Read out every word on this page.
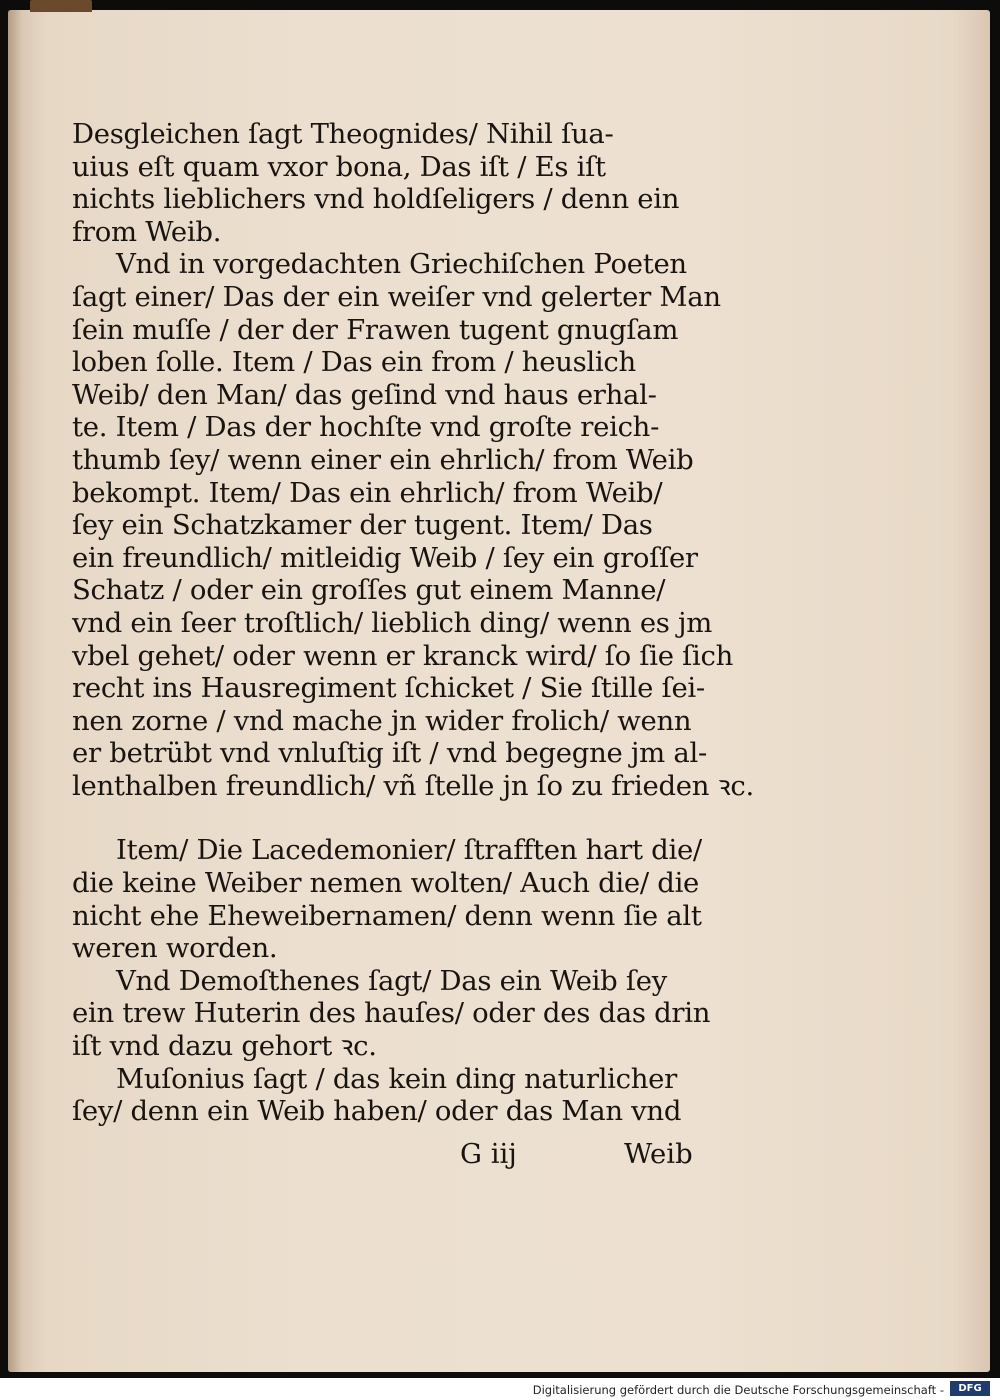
Desgleichen ſagt Theognides/ Nihil ſua-
uius eſt quam vxor bona, Das iſt / Es iſt
nichts lieblichers vnd holdſeligers / denn ein
from Weib.
Vnd in vorgedachten Griechiſchen Poeten
ſagt einer/ Das der ein weiſer vnd gelerter Man
ſein muſſe / der der Frawen tugent gnugſam
loben ſolle. Item / Das ein from / heuslich
Weib/ den Man/ das geſind vnd haus erhal-
te. Item / Das der hochſte vnd groſte reich-
thumb ſey/ wenn einer ein ehrlich/ from Weib
bekompt. Item/ Das ein ehrlich/ from Weib/
ſey ein Schatzkamer der tugent. Item/ Das
ein freundlich/ mitleidig Weib / ſey ein groſſer
Schatz / oder ein groſſes gut einem Manne/
vnd ein ſeer troſtlich/ lieblich ding/ wenn es jm
vbel gehet/ oder wenn er kranck wird/ ſo ſie ſich
recht ins Hausregiment ſchicket / Sie ſtille ſei-
nen zorne / vnd mache jn wider frolich/ wenn
er betrübt vnd vnluſtig iſt / vnd begegne jm al-
lenthalben freundlich/ vñ ſtelle jn ſo zu frieden ꝛc.
Item/ Die Lacedemonier/ ſtrafften hart die/
die keine Weiber nemen wolten/ Auch die/ die
nicht ehe Eheweibernamen/ denn wenn ſie alt
weren worden.
Vnd Demoſthenes ſagt/ Das ein Weib ſey
ein trew Huterin des hauſes/ oder des das drin
iſt vnd dazu gehort ꝛc.
Muſonius ſagt / das kein ding naturlicher
ſey/ denn ein Weib haben/ oder das Man vnd
G iij	Weib
Digitalisierung gefördert durch die Deutsche Forschungsgemeinschaft -	DFG
